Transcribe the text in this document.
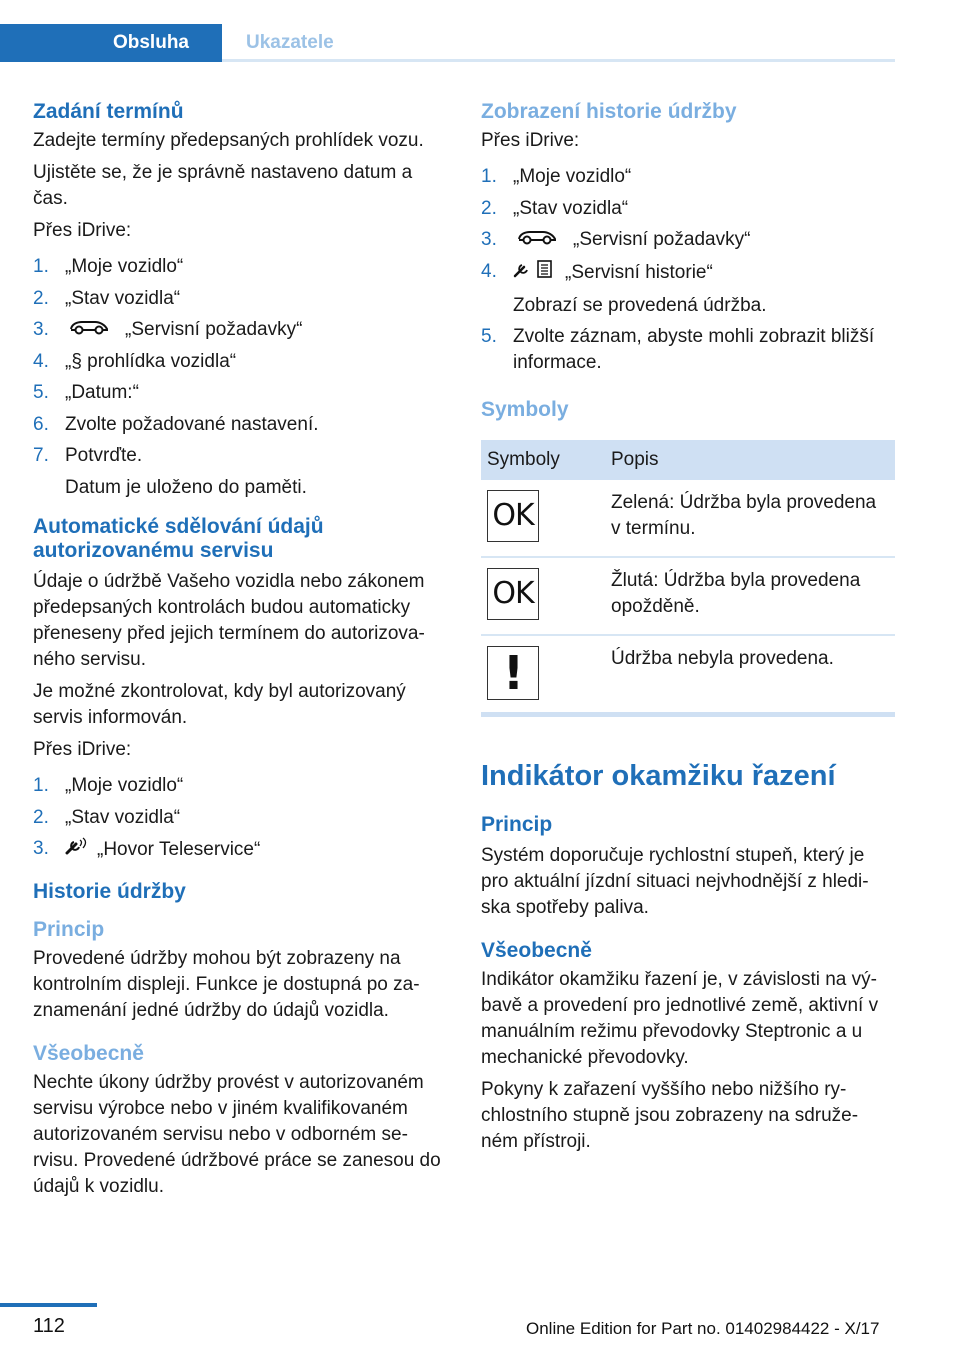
Obsluha	Ukazatele
Zadání termínů

Zadejte termíny předepsaných prohlídek vozu.

Ujistěte se, že je správně nastaveno datum a čas.

Přes iDrive:

1. „Moje vozidlo“
2. „Stav vozidla“
3.	„Servisní požadavky“
4. „§ prohlídka vozidla“
5. „Datum:“
6. Zvolte požadované nastavení.
7. Potvrďte.
Datum je uloženo do paměti.
Automatické sdělování údajů autorizovanému servisu

Údaje o údržbě Vašeho vozidla nebo zákonem předepsaných kontrolách budou automaticky přeneseny před jejich termínem do autorizova‐ného servisu.

Je možné zkontrolovat, kdy byl autorizovaný servis informován.

Přes iDrive:

1. „Moje vozidlo“
2. „Stav vozidla“
3.	„Hovor Teleservice“
Historie údržby
Princip

Provedené údržby mohou být zobrazeny na kontrolním displeji. Funkce je dostupná po za‐znamenání jedné údržby do údajů vozidla.

Všeobecně

Nechte úkony údržby provést v autorizovaném servisu výrobce nebo v jiném kvalifikovaném autorizovaném servisu nebo v odborném se‐rvisu. Provedené údržbové práce se zanesou do údajů k vozidlu.

Zobrazení historie údržby

Přes iDrive:

1. „Moje vozidlo“
2. „Stav vozidla“
3.	„Servisní požadavky“
4.	„Servisní historie“
Zobrazí se provedená údržba.
5. Zvolte záznam, abyste mohli zobrazit bližší informace.
Symboly
Symboly	Popis

OK	Zelená: Údržba byla provedena v termínu.

OK	Žlutá: Údržba byla provedena opožděně.

!	Údržba nebyla provedena.
Indikátor okamžiku řazení
Princip

Systém doporučuje rychlostní stupeň, který je pro aktuální jízdní situaci nejvhodnější z hledi‐ska spotřeby paliva.

Všeobecně

Indikátor okamžiku řazení je, v závislosti na vý‐bavě a provedení pro jednotlivé země, aktivní v manuálním režimu převodovky Steptronic a u mechanické převodovky.

Pokyny k zařazení vyššího nebo nižšího ry‐chlostního stupně jsou zobrazeny na sdruže‐ném přístroji.

112	Online Edition for Part no. 01402984422 - X/17
